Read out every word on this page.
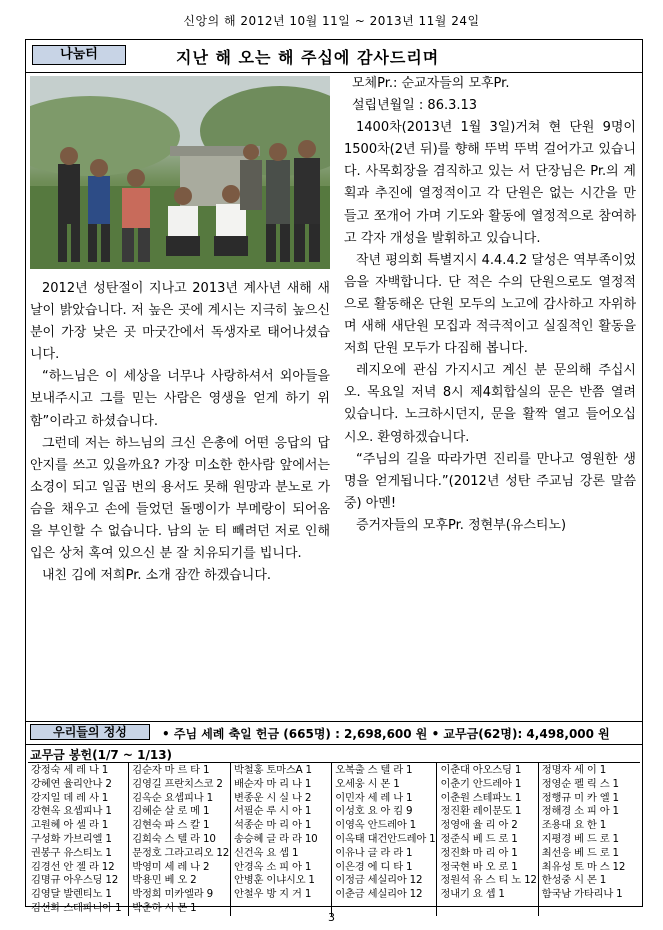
신앙의 해 2012년 10월 11일 ~ 2013년 11월 24일
나눔터	지난 해 오는 해 주십에 감사드리며

2012년 성탄절이 지나고 2013년 계사년 새해 새 날이 밝았습니다. 저 높은 곳에 계시는 지극히 높으신 분이 가장 낮은 곳 마굿간에서 독생자로 태어나셨습니다.

“하느님은 이 세상을 너무나 사랑하셔서 외아들을 보내주시고 그를 믿는 사람은 영생을 얻게 하기 위함”이라고 하셨습니다.

그런데 저는 하느님의 크신 은총에 어떤 응답의 답안지를 쓰고 있을까요? 가장 미소한 한사람 앞에서는 소경이 되고 일곱 번의 용서도 못해 원망과 분노로 가슴을 채우고 손에 들었던 돌멩이가 부메랑이 되어옴을 부인할 수 없습니다. 남의 눈 티 빼려던 저로 인해 입은 상처 혹여 있으신 분 잘 치유되기를 빕니다.

내친 김에 저희Pr. 소개 잠깐 하겠습니다.

모체Pr.: 순교자들의 모후Pr.

설립년월일 : 86.3.13

1400차(2013년 1월 3일)거쳐 현 단원 9명이 1500차(2년 뒤)를 향해 뚜벅 뚜벅 걸어가고 있습니다. 사목회장을 겸직하고 있는 서 단장님은 Pr.의 계획과 추진에 열정적이고 각 단원은 없는 시간을 만들고 쪼개어 가며 기도와 활동에 열정적으로 참여하고 각자 개성을 발휘하고 있습니다.

작년 평의회 특별지시 4.4.4.2 달성은 역부족이었음을 자백합니다. 단 적은 수의 단원으로도 열정적으로 활동해온 단원 모두의 노고에 감사하고 자위하며 새해 새단원 모집과 적극적이고 실질적인 활동을 저희 단원 모두가 다짐해 봅니다.

레지오에 관심 가지시고 계신 분 문의해 주십시오. 목요일 저녁 8시 제4회합실의 문은 반쯤 열려 있습니다. 노크하시던지, 문을 활짝 열고 들어오십시오. 환영하겠습니다.

“주님의 길을 따라가면 진리를 만나고 영원한 생명을 얻게됩니다.”(2012년 성탄 주교님 강론 말씀 중) 아멘!

증거자들의 모후Pr. 정현부(유스티노)

우리들의 정성	• 주님 세례 축일 헌금 (665명) : 2,698,600 원 • 교무금(62명): 4,498,000 원
교무금 봉헌(1/7 ~ 1/13)
강정숙 세 레 나 1
강혜연 율리안나 2
강지일 데 레 사 1
강현옥 요셉피나 1
고원혜 아 셀 라 1
구성화 가브리엘 1
권봉구 유스티노 1
김경선 안 젤 라 12
김명규 아우스딩 12
김영달 발렌티노 1
김선화 스테파니아 1
김순자 마 르 타 1
김영길 프란치스코 2
김옥순 요셉피나 1
김혜순 살 로 메 1
김현숙 파 스 칼 1
김희숙 스 텔 라 10
문정호 그라고리오 12
박영미 세 레 나 2
박용민 베 오 2
박정희 미카엘라 9
박춘하 시 몬 1
박철홍 토마스A 1
배순자 마 리 나 1
변종운 시 실 나 2
서필순 루 시 아 1
석종순 마 리 아 1
송승혜 글 라 라 10
신건옥 요 셉 1
안경옥 소 피 아 1
안병훈 이냐시오 1
안철우 방 지 거 1
오복출 스 텔 라 1
오세웅 시 몬 1
이민자 세 레 나 1
이성호 요 아 킴 9
이영옥 안드레아 1
이옥태 대건안드레아 1
이유나 글 라 라 1
이은경 에 디 타 1
이정금 세실리아 12
이춘금 세실리아 12
이춘대 아오스딩 1
이춘기 안드레아 1
이춘원 스테파노 1
정진환 레이문도 1
정영애 율 리 아 2
정준식 베 드 로 1
정진화 마 리 아 1
정국현 바 오 로 1
정원석 유 스 티 노 12
정내기 요 셉 1
정명자 세 이 1
정영순 펠 릭 스 1
정행규 미 카 엘 1
정해경 소 피 아 1
조용대 요 한 1
지평경 베 드 로 1
최선응 베 드 로 1
최유성 토 마 스 12
한성중 시 몬 1
함국남 가타리나 1
3
